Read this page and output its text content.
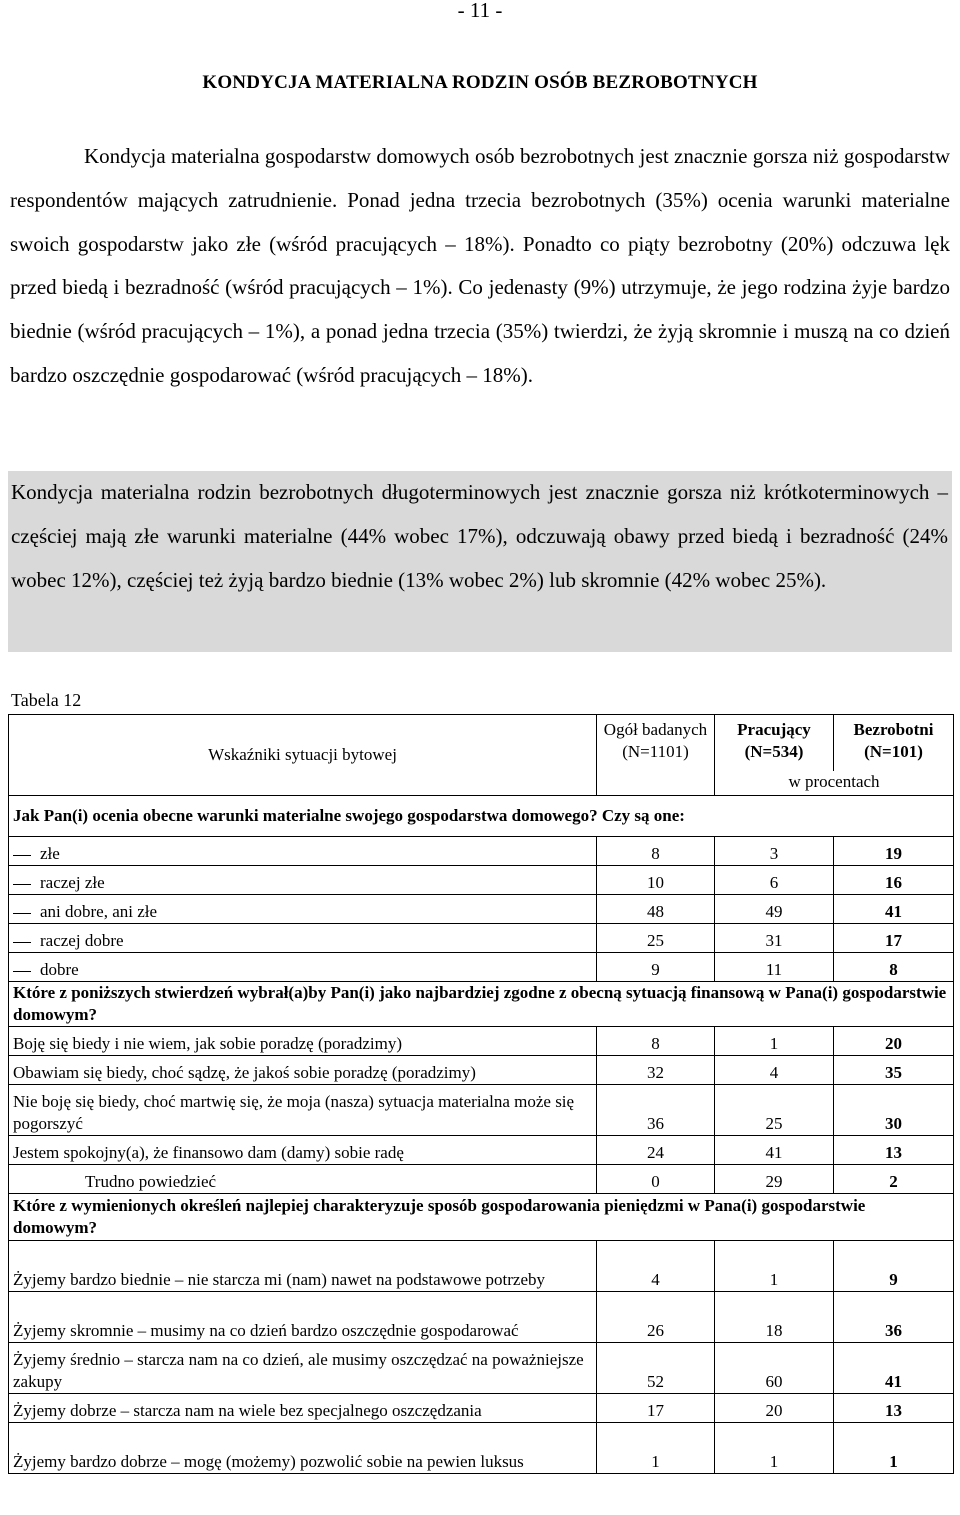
- 11 -
KONDYCJA MATERIALNA RODZIN OSÓB BEZROBOTNYCH

Kondycja materialna gospodarstw domowych osób bezrobotnych jest znacznie gorsza niż gospodarstw respondentów mających zatrudnienie. Ponad jedna trzecia bezrobotnych (35%) ocenia warunki materialne swoich gospodarstw jako złe (wśród pracujących – 18%). Ponadto co piąty bezrobotny (20%) odczuwa lęk przed biedą i bezradność (wśród pracujących – 1%). Co jedenasty (9%) utrzymuje, że jego rodzina żyje bardzo biednie (wśród pracujących – 1%), a ponad jedna trzecia (35%) twierdzi, że żyją skromnie i muszą na co dzień bardzo oszczędnie gospodarować (wśród pracujących – 18%).

Kondycja materialna rodzin bezrobotnych długoterminowych jest znacznie gorsza niż krótkoterminowych – częściej mają złe warunki materialne (44% wobec 17%), odczuwają obawy przed biedą i bezradność (24% wobec 12%), częściej też żyją bardzo biednie (13% wobec 2%) lub skromnie (42% wobec 25%).

Tabela 12
Wskaźniki sytuacji bytowej	Ogół badanych (N=1101)	Pracujący (N=534)	Bezrobotni (N=101)
		w procentach	
Jak Pan(i) ocenia obecne warunki materialne swojego gospodarstwa domowego? Czy są one:			
złe	8	3	19
raczej złe	10	6	16
ani dobre, ani złe	48	49	41
raczej dobre	25	31	17
dobre	9	11	8
Które z poniższych stwierdzeń wybrał(a)by Pan(i) jako najbardziej zgodne z obecną sytuacją finansową w Pana(i) gospodarstwie domowym?			
Boję się biedy i nie wiem, jak sobie poradzę (poradzimy)	8	1	20
Obawiam się biedy, choć sądzę, że jakoś sobie poradzę (poradzimy)	32	4	35
Nie boję się biedy, choć martwię się, że moja (nasza) sytuacja materialna może się pogorszyć	36	25	30
Jestem spokojny(a), że finansowo dam (damy) sobie radę	24	41	13
Trudno powiedzieć	0	29	2
Które z wymienionych określeń najlepiej charakteryzuje sposób gospodarowania pieniędzmi w Pana(i) gospodarstwie domowym?			
Żyjemy bardzo biednie – nie starcza mi (nam) nawet na podstawowe potrzeby	4	1	9
Żyjemy skromnie – musimy na co dzień bardzo oszczędnie gospodarować	26	18	36
Żyjemy średnio – starcza nam na co dzień, ale musimy oszczędzać na poważniejsze zakupy	52	60	41
Żyjemy dobrze – starcza nam na wiele bez specjalnego oszczędzania	17	20	13
Żyjemy bardzo dobrze – mogę (możemy) pozwolić sobie na pewien luksus	1	1	1
